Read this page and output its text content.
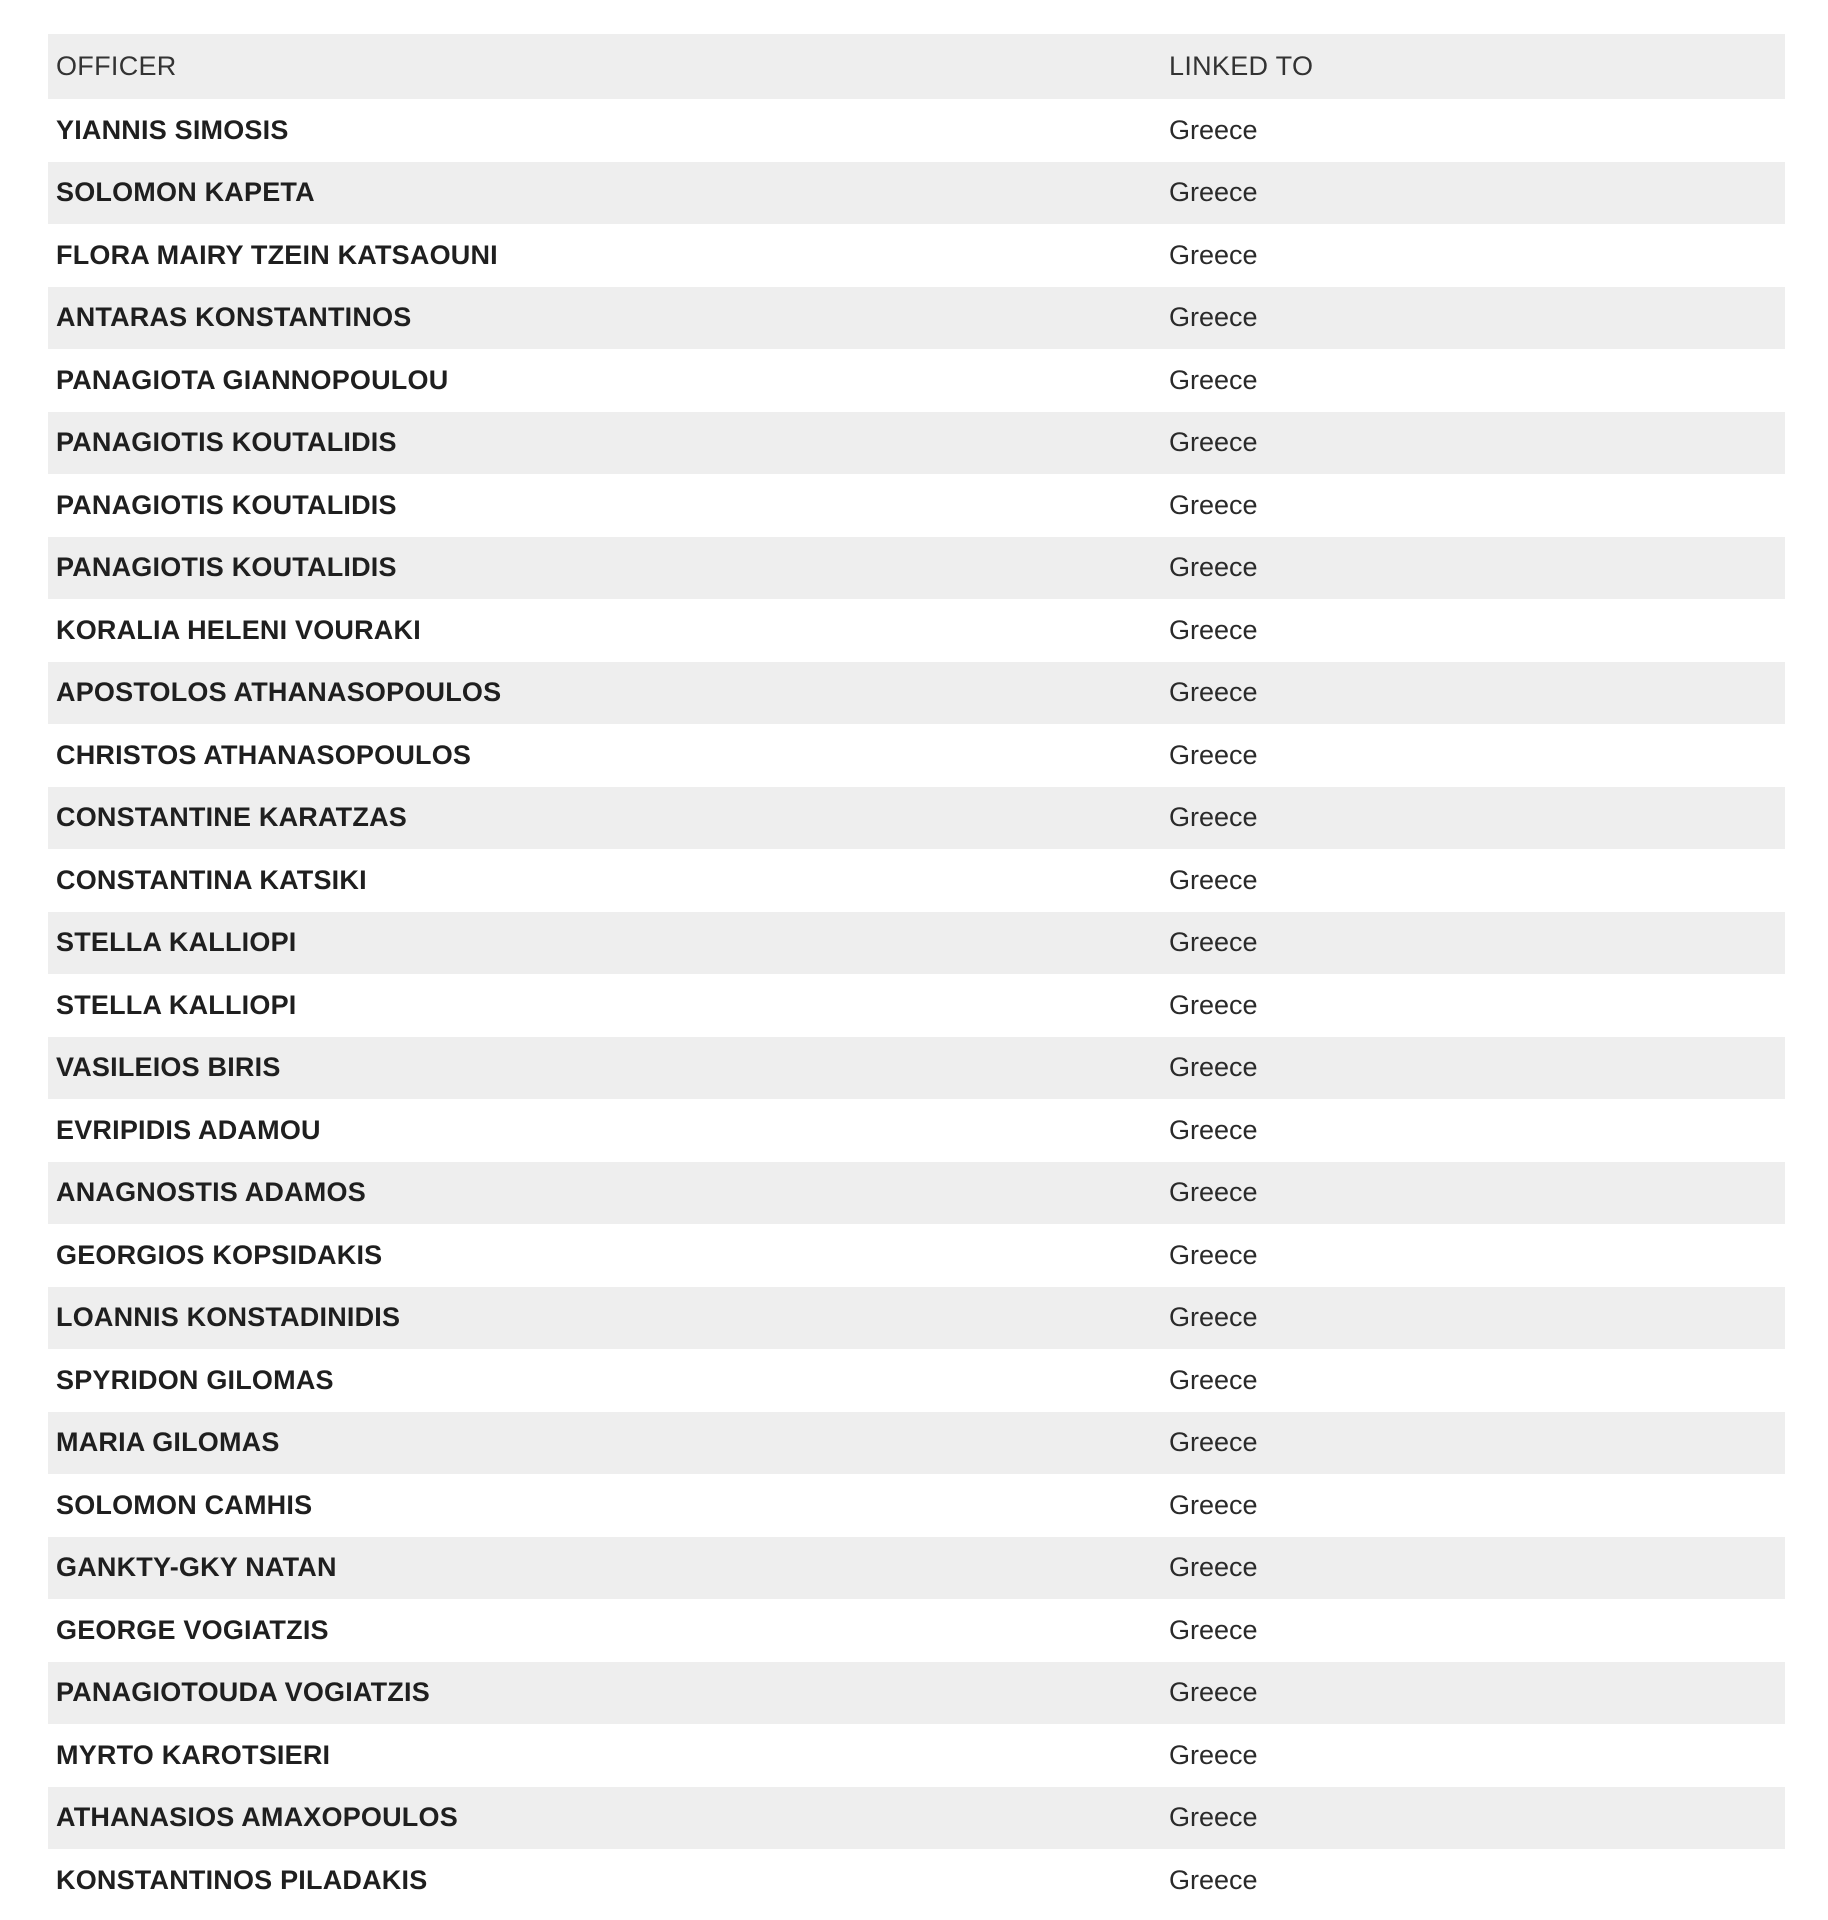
OFFICER	LINKED TO
YIANNIS SIMOSIS	Greece
SOLOMON KAPETA	Greece
FLORA MAIRY TZEIN KATSAOUNI	Greece
ANTARAS KONSTANTINOS	Greece
PANAGIOTA GIANNOPOULOU	Greece
PANAGIOTIS KOUTALIDIS	Greece
PANAGIOTIS KOUTALIDIS	Greece
PANAGIOTIS KOUTALIDIS	Greece
KORALIA HELENI VOURAKI	Greece
APOSTOLOS ATHANASOPOULOS	Greece
CHRISTOS ATHANASOPOULOS	Greece
CONSTANTINE KARATZAS	Greece
CONSTANTINA KATSIKI	Greece
STELLA KALLIOPI	Greece
STELLA KALLIOPI	Greece
VASILEIOS BIRIS	Greece
EVRIPIDIS ADAMOU	Greece
ANAGNOSTIS ADAMOS	Greece
GEORGIOS KOPSIDAKIS	Greece
LOANNIS KONSTADINIDIS	Greece
SPYRIDON GILOMAS	Greece
MARIA GILOMAS	Greece
SOLOMON CAMHIS	Greece
GANKTY-GKY NATAN	Greece
GEORGE VOGIATZIS	Greece
PANAGIOTOUDA VOGIATZIS	Greece
MYRTO KAROTSIERI	Greece
ATHANASIOS AMAXOPOULOS	Greece
KONSTANTINOS PILADAKIS	Greece
